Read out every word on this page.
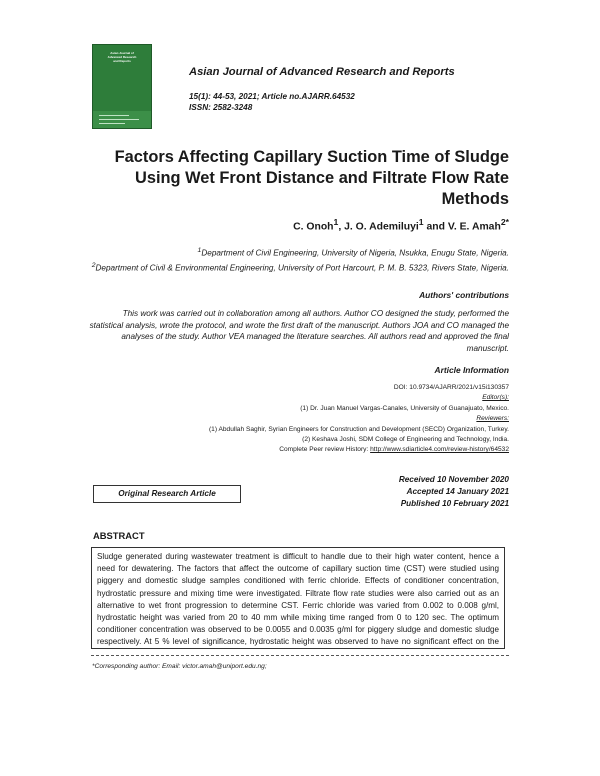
Asian Journal of
Advanced Research
and Reports
Asian Journal of Advanced Research and Reports
15(1): 44-53, 2021; Article no.AJARR.64532
ISSN: 2582-3248
Factors Affecting Capillary Suction Time of Sludge Using Wet Front Distance and Filtrate Flow Rate Methods
C. Onoh$^1$, J. O. Ademiluyi$^1$ and V. E. Amah$^{2*}$
$^1$Department of Civil Engineering, University of Nigeria, Nsukka, Enugu State, Nigeria.
$^2$Department of Civil & Environmental Engineering, University of Port Harcourt, P. M. B. 5323, Rivers State, Nigeria.
Authors' contributions
This work was carried out in collaboration among all authors. Author CO designed the study, performed the statistical analysis, wrote the protocol, and wrote the first draft of the manuscript. Authors JOA and CO managed the analyses of the study. Author VEA managed the literature searches. All authors read and approved the final manuscript.
Article Information
DOI: 10.9734/AJARR/2021/v15i130357
Editor(s):
(1) Dr. Juan Manuel Vargas-Canales, University of Guanajuato, Mexico.
Reviewers:
(1) Abdullah Saghir, Syrian Engineers for Construction and Development (SECD) Organization, Turkey.
(2) Keshava Joshi, SDM College of Engineering and Technology, India.
Complete Peer review History: http://www.sdiarticle4.com/review-history/64532
Original Research Article
Received 10 November 2020
Accepted 14 January 2021
Published 10 February 2021
ABSTRACT
Sludge generated during wastewater treatment is difficult to handle due to their high water content, hence a need for dewatering. The factors that affect the outcome of capillary suction time (CST) were studied using piggery and domestic sludge samples conditioned with ferric chloride. Effects of conditioner concentration, hydrostatic pressure and mixing time were investigated. Filtrate flow rate studies were also carried out as an alternative to wet front progression to determine CST. Ferric chloride was varied from 0.002 to 0.008 g/ml, hydrostatic height was varied from 20 to 40 mm while mixing time ranged from 0 to 120 sec. The optimum conditioner concentration was observed to be 0.0055 and 0.0035 g/ml for piggery sludge and domestic sludge respectively. At 5 % level of significance, hydrostatic height was observed to have no significant effect on the
*Corresponding author: Email: victor.amah@uniport.edu.ng;
